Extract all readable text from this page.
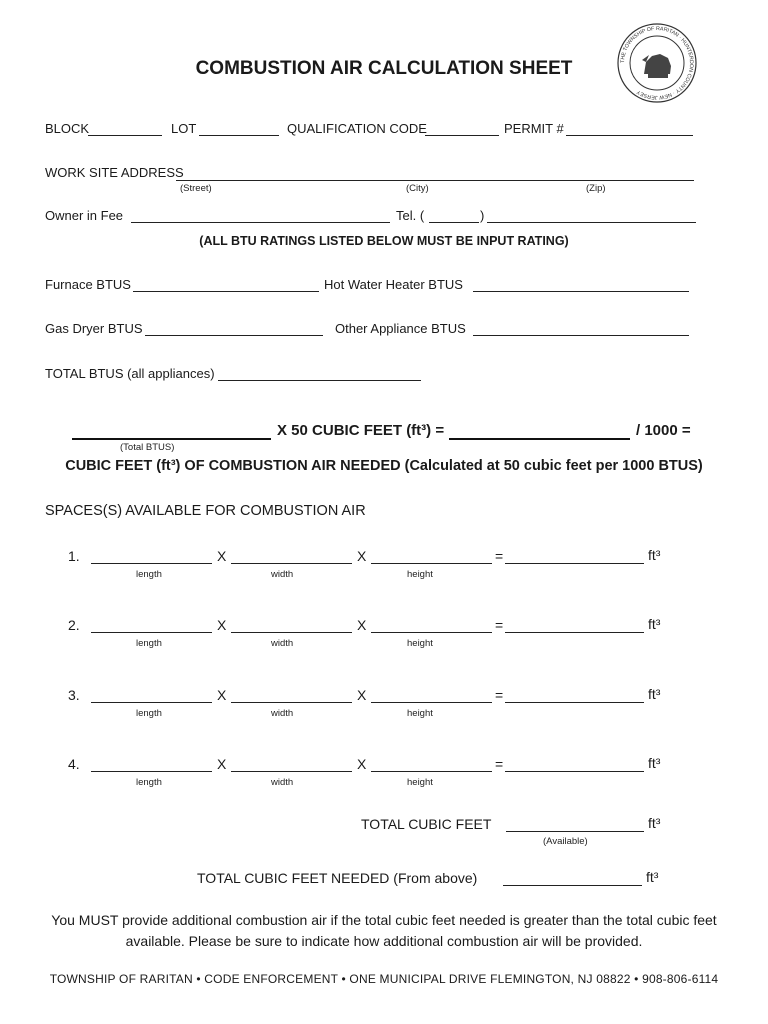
THE TOWNSHIP OF RARITAN · HUNTERDON COUNTY · NEW JERSEY
COMBUSTION AIR CALCULATION SHEET
BLOCK	LOT	QUALIFICATION CODE	PERMIT #
WORK SITE ADDRESS
(Street)	(City)	(Zip)
Owner in Fee	Tel. (	)
(ALL BTU RATINGS LISTED BELOW MUST BE INPUT RATING)
Furnace BTUS	Hot Water Heater BTUS
Gas Dryer BTUS	Other Appliance BTUS
TOTAL BTUS (all appliances)
(Total BTUS)
X 50 CUBIC FEET (ft³) =	/ 1000 =
CUBIC FEET (ft³) OF COMBUSTION AIR NEEDED (Calculated at 50 cubic feet per 1000 BTUS)
SPACES(S) AVAILABLE FOR COMBUSTION AIR
1.	X	X	=	ft³
length	width	height
2.	X	X	=	ft³
length	width	height
3.	X	X	=	ft³
length	width	height
4.	X	X	=	ft³
length	width	height
TOTAL CUBIC FEET	ft³
(Available)
TOTAL CUBIC FEET NEEDED (From above)	ft³
You MUST provide additional combustion air if the total cubic feet needed is greater than the total cubic feet available. Please be sure to indicate how additional combustion air will be provided.
TOWNSHIP OF RARITAN • CODE ENFORCEMENT • ONE MUNICIPAL DRIVE FLEMINGTON, NJ 08822 • 908-806-6114
